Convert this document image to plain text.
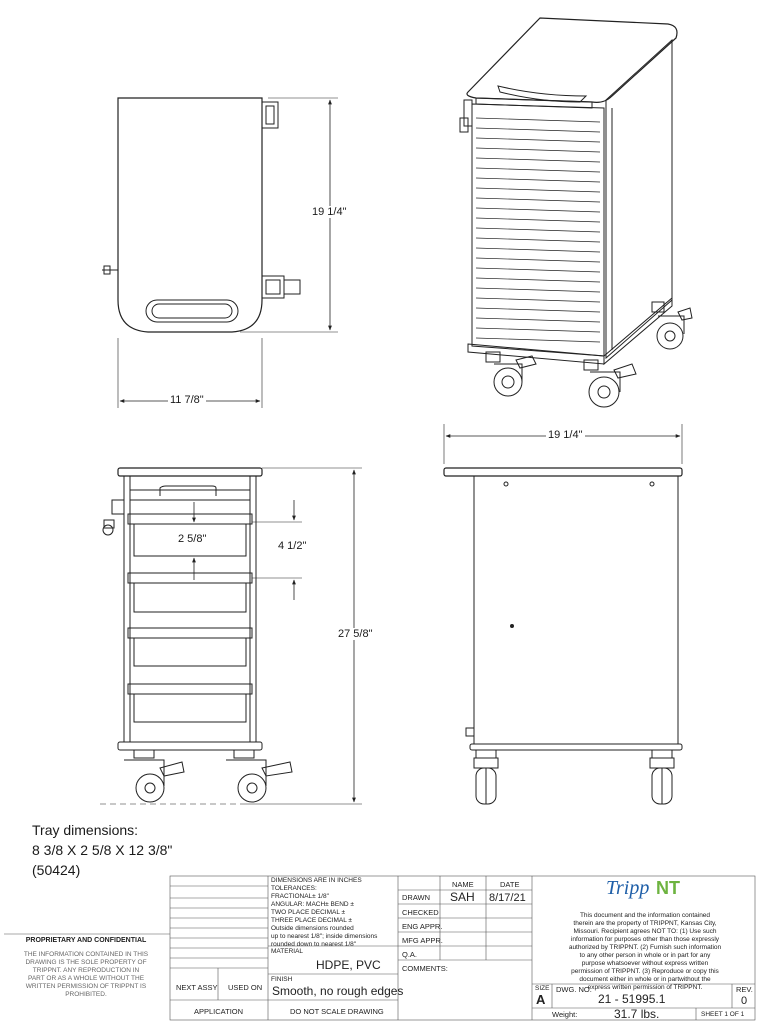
Tripp NT
19 1/4"
11 7/8"
19 1/4"
27 5/8"
2 5/8"
4 1/2"
Tray dimensions:
8 3/8 X 2 5/8 X 12 3/8"
(50424)
DIMENSIONS ARE IN INCHES
TOLERANCES:
FRACTIONAL± 1/8"
ANGULAR: MACH± BEND ±
TWO PLACE DECIMAL ±
THREE PLACE DECIMAL ±
Outside dimensions rounded
up to nearest 1/8"; inside dimensions
rounded down to nearest 1/8"
MATERIAL
HDPE, PVC
FINISH
Smooth, no rough edges
DO NOT SCALE DRAWING
NEXT ASSY USED ON
APPLICATION
NAME	DATE
DRAWN SAH 8/17/21
CHECKED
ENG APPR.
MFG APPR.
Q.A.
COMMENTS:
PROPRIETARY AND CONFIDENTIAL
THE INFORMATION CONTAINED IN THIS
DRAWING IS THE SOLE PROPERTY OF
TRIPPNT. ANY REPRODUCTION IN
PART OR AS A WHOLE WITHOUT THE
WRITTEN PERMISSION OF TRIPPNT IS
PROHIBITED.
This document and the information contained
therein are the property of TRIPPNT, Kansas City,
Missouri. Recipient agrees NOT TO: (1) Use such
information for purposes other than those expressly
authorized by TRIPPNT. (2) Furnish such information
to any other person in whole or in part for any
purpose whatsoever without express written
permission of TRIPPNT. (3) Reproduce or copy this
document either in whole or in partwithout the
express written permission of TRIPPNT.
SIZE
A
DWG. NO.
21 - 51995.1
REV.
0
Weight:	31.7 lbs.	SHEET 1 OF 1
